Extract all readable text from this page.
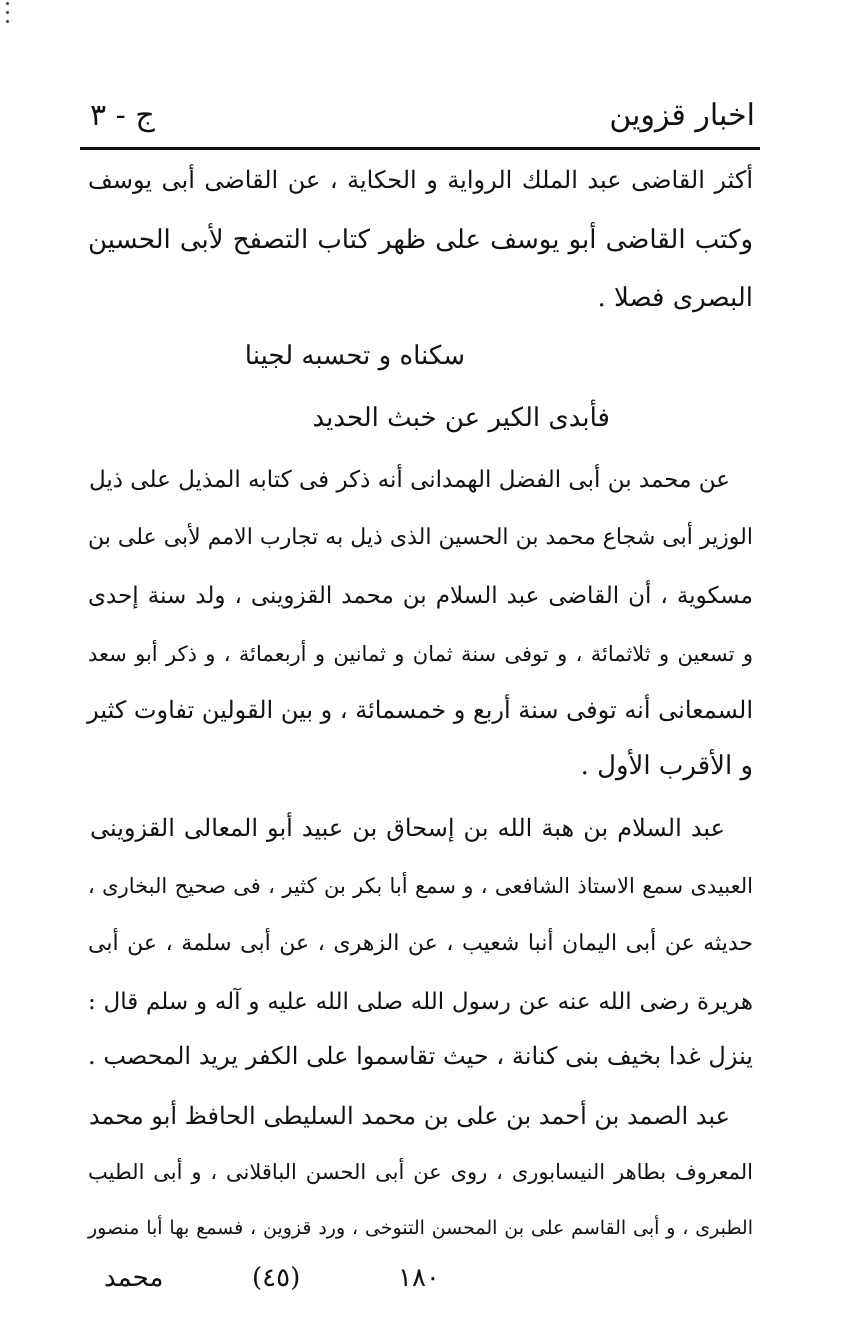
اخبار قزوين
ج - ٣
أكثر القاضى عبد الملك الرواية و الحكاية ، عن القاضى أبى يوسف
وكتب القاضى أبو يوسف على ظهر كتاب التصفح لأبى الحسين
البصرى فصلا .
سكناه و تحسبه لجينا
فأبدى الكير عن خبث الحديد
عن محمد بن أبى الفضل الهمدانى أنه ذكر فى كتابه المذيل على ذيل
الوزير أبى شجاع محمد بن الحسين الذى ذيل به تجارب الامم لأبى على بن
مسكوية ، أن القاضى عبد السلام بن محمد القزوينى ، ولد سنة إحدى
و تسعين و ثلاثمائة ، و توفى سنة ثمان و ثمانين و أربعمائة ، و ذكر أبو سعد
السمعانى أنه توفى سنة أربع و خمسمائة ، و بين القولين تفاوت كثير
و الأقرب الأول .
عبد السلام بن هبة الله بن إسحاق بن عبيد أبو المعالى القزوينى
العبيدى سمع الاستاذ الشافعى ، و سمع أبا بكر بن كثير ، فى صحيح البخارى ،
حديثه عن أبى اليمان أنبا شعيب ، عن الزهرى ، عن أبى سلمة ، عن أبى
هريرة رضى الله عنه عن رسول الله صلى الله عليه و آله و سلم قال :
ينزل غدا بخيف بنى كنانة ، حيث تقاسموا على الكفر يريد المحصب .
عبد الصمد بن أحمد بن على بن محمد السليطى الحافظ أبو محمد
المعروف بطاهر النيسابورى ، روى عن أبى الحسن الباقلانى ، و أبى الطيب
الطبرى ، و أبى القاسم على بن المحسن التنوخى ، ورد قزوين ، فسمع بها أبا منصور
١٨٠
(٤٥)
محمد
